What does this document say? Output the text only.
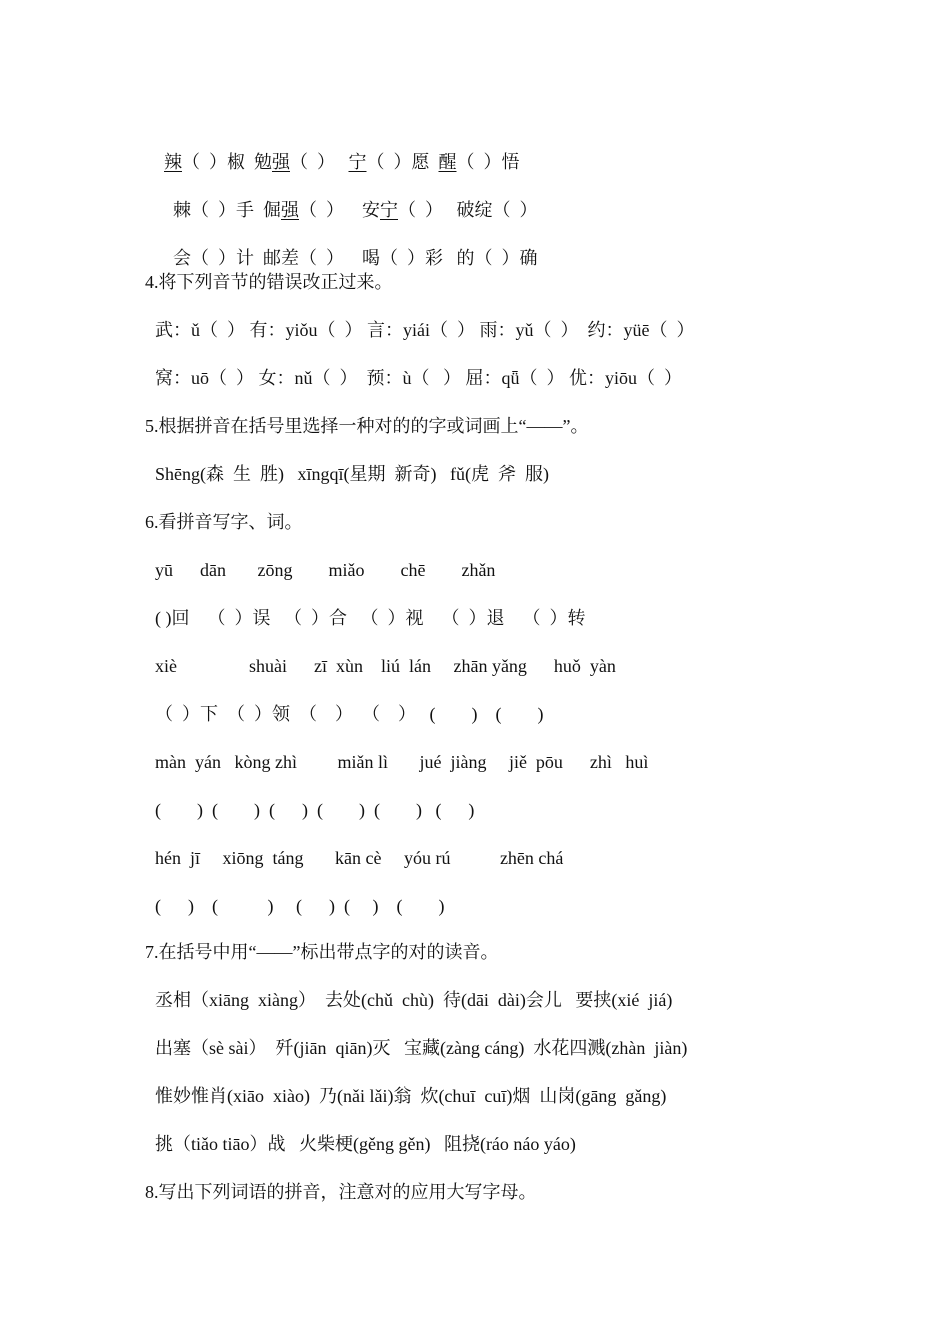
辣（  ）椒  勉强（  ）   宁（  ）愿  醒（  ）悟

棘（  ）手  倔强（  ）    安宁（  ）   破绽（  ）

会（  ）计  邮差（  ）    喝（  ）彩   的（  ）确

4.将下列音节的错误改正过来。
武：ǔ（  ） 有：yiǒu（  ） 言：yiái（  ） 雨：yǔ（  ）  约：yüē（  ）
窝：uō（  ） 女：nǔ（  ）  预：ù（   ） 屈：qǖ（  ） 优：yiōu（  ）
5.根据拼音在括号里选择一种对的的字或词画上“——”。
Shēng(森  生  胜)   xīngqī(星期  新奇)   fǔ(虎  斧  服)
6.看拼音写字、词。
yū      dān       zōng        miǎo        chē        zhǎn
( )回    （  ）误   （  ）合   （  ）视    （  ）退    （  ）转
xiè                shuài      zī  xùn    liú  lán     zhān yǎng      huǒ  yàn
（  ）下  （  ）领  （    ）  （    ）   (        )    (        )
màn  yán   kòng zhì         miǎn lì       jué  jiàng     jiě  pōu      zhì   huì
(        )  (        )  (      )  (        )  (        )   (      )
hén  jī     xiōng  táng       kān cè     yóu rú           zhēn chá
(      )    (           )     (      )  (     )    (        )
7.在括号中用“——”标出带点字的对的读音。
丞相（xiāng  xiàng）  去处(chǔ  chù)  待(dāi  dài)会儿   要挟(xié  jiá)
出塞（sè sài）  歼(jiān  qiān)灭   宝藏(zàng cáng)  水花四溅(zhàn  jiàn)
惟妙惟肖(xiāo  xiào)  乃(nǎi lǎi)翁  炊(chuī  cuī)烟  山岗(gāng  gǎng)
挑（tiǎo tiāo）战   火柴梗(gěng gěn)   阻挠(ráo náo yáo)
8.写出下列词语的拼音，注意对的应用大写字母。
